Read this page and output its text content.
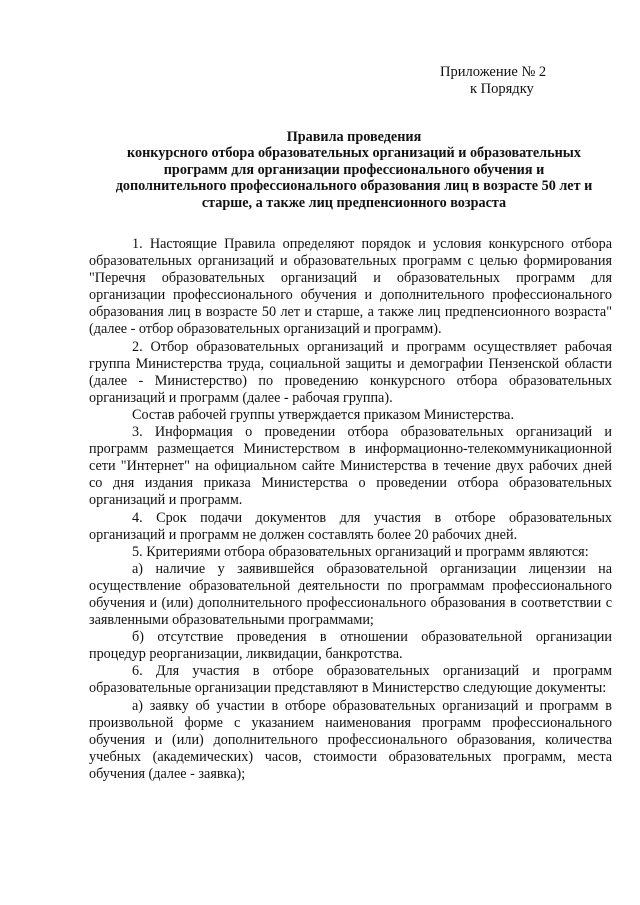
Приложение № 2
к Порядку
Правила проведения
конкурсного отбора образовательных организаций и образовательных
программ для организации профессионального обучения и
дополнительного профессионального образования лиц в возрасте 50 лет и
старше, а также лиц предпенсионного возраста

1. Настоящие Правила определяют порядок и условия конкурсного отбора образовательных организаций и образовательных программ с целью формирования "Перечня образовательных организаций и образовательных программ для организации профессионального обучения и дополнительного профессионального образования лиц в возрасте 50 лет и старше, а также лиц предпенсионного возраста" (далее - отбор образовательных организаций и программ).

2. Отбор образовательных организаций и программ осуществляет рабочая группа Министерства труда, социальной защиты и демографии Пензенской области (далее - Министерство) по проведению конкурсного отбора образовательных организаций и программ (далее - рабочая группа).

Состав рабочей группы утверждается приказом Министерства.

3. Информация о проведении отбора образовательных организаций и программ размещается Министерством в информационно-телекоммуникационной сети "Интернет" на официальном сайте Министерства в течение двух рабочих дней со дня издания приказа Министерства о проведении отбора образовательных организаций и программ.

4. Срок подачи документов для участия в отборе образовательных организаций и программ не должен составлять более 20 рабочих дней.

5. Критериями отбора образовательных организаций и программ являются:

а) наличие у заявившейся образовательной организации лицензии на осуществление образовательной деятельности по программам профессионального обучения и (или) дополнительного профессионального образования в соответствии с заявленными образовательными программами;

б) отсутствие проведения в отношении образовательной организации процедур реорганизации, ликвидации, банкротства.

6. Для участия в отборе образовательных организаций и программ образовательные организации представляют в Министерство следующие документы:

а) заявку об участии в отборе образовательных организаций и программ в произвольной форме с указанием наименования программ профессионального обучения и (или) дополнительного профессионального образования, количества учебных (академических) часов, стоимости образовательных программ, места обучения (далее - заявка);
